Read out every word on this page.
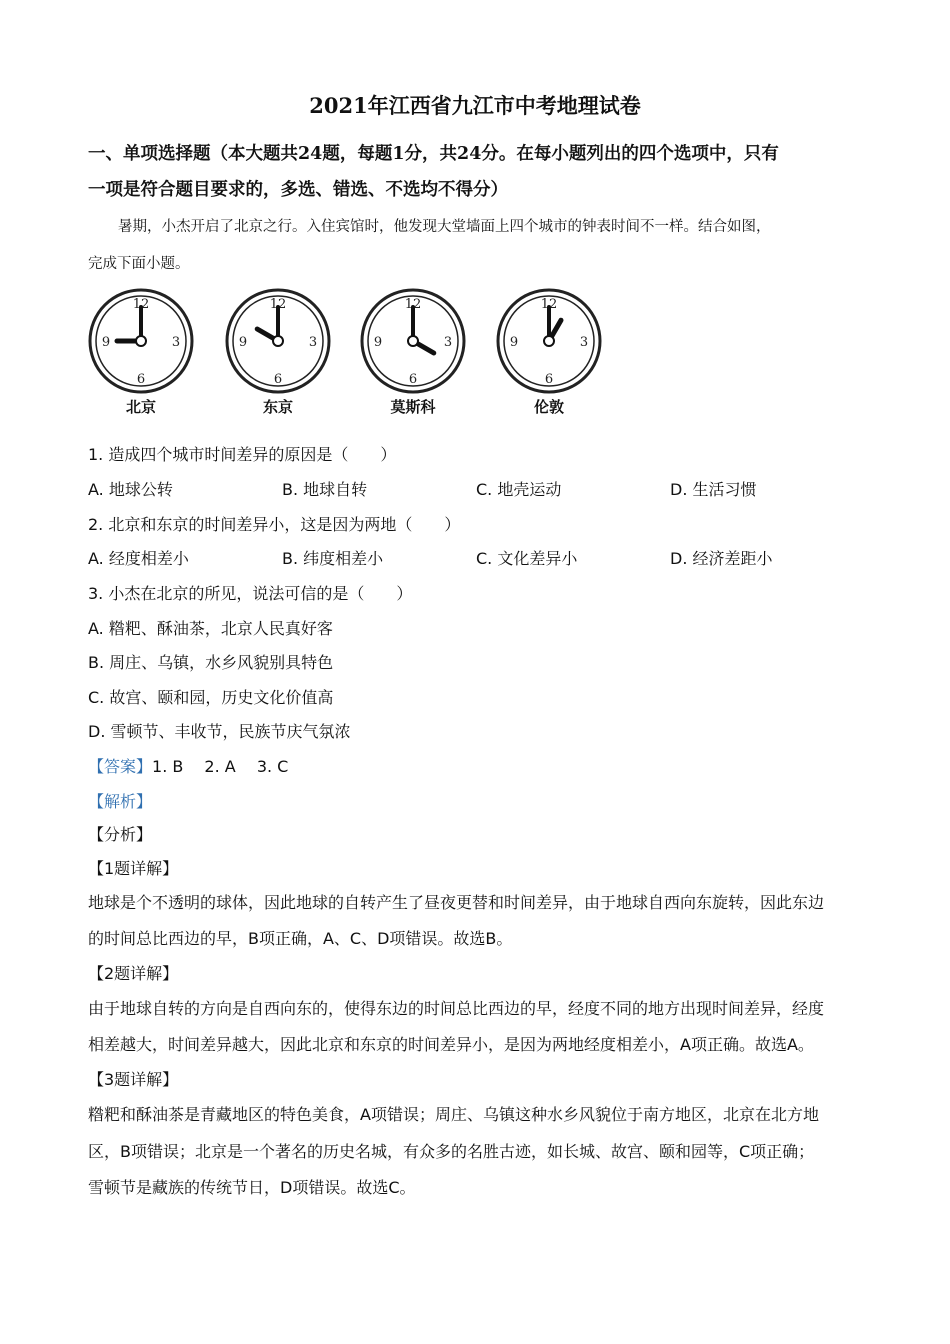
2021年江西省九江市中考地理试卷
一、单项选择题（本大题共24题，每题1分，共24分。在每小题列出的四个选项中，只有
一项是符合题目要求的，多选、错选、不选均不得分）
暑期，小杰开启了北京之行。入住宾馆时，他发现大堂墙面上四个城市的钟表时间不一样。结合如图，
完成下面小题。
12
3
6
9
北京
12
3
6
9
东京
12
3
6
9
莫斯科
12
3
6
9
伦敦
1. 造成四个城市时间差异的原因是（　　）
A. 地球公转	B. 地球自转	C. 地壳运动	D. 生活习惯
2. 北京和东京的时间差异小，这是因为两地（　　）
A. 经度相差小	B. 纬度相差小	C. 文化差异小	D. 经济差距小
3. 小杰在北京的所见，说法可信的是（　　）
A. 糌粑、酥油茶，北京人民真好客
B. 周庄、乌镇，水乡风貌别具特色
C. 故宫、颐和园，历史文化价值高
D. 雪顿节、丰收节，民族节庆气氛浓
【答案】1. B　 2. A　 3. C
【解析】
【分析】
【1题详解】
地球是个不透明的球体，因此地球的自转产生了昼夜更替和时间差异，由于地球自西向东旋转，因此东边
的时间总比西边的早，B项正确，A、C、D项错误。故选B。
【2题详解】
由于地球自转的方向是自西向东的，使得东边的时间总比西边的早，经度不同的地方出现时间差异，经度
相差越大，时间差异越大，因此北京和东京的时间差异小，是因为两地经度相差小，A项正确。故选A。
【3题详解】
糌粑和酥油茶是青藏地区的特色美食，A项错误；周庄、乌镇这种水乡风貌位于南方地区，北京在北方地
区，B项错误；北京是一个著名的历史名城，有众多的名胜古迹，如长城、故宫、颐和园等，C项正确；
雪顿节是藏族的传统节日，D项错误。故选C。
